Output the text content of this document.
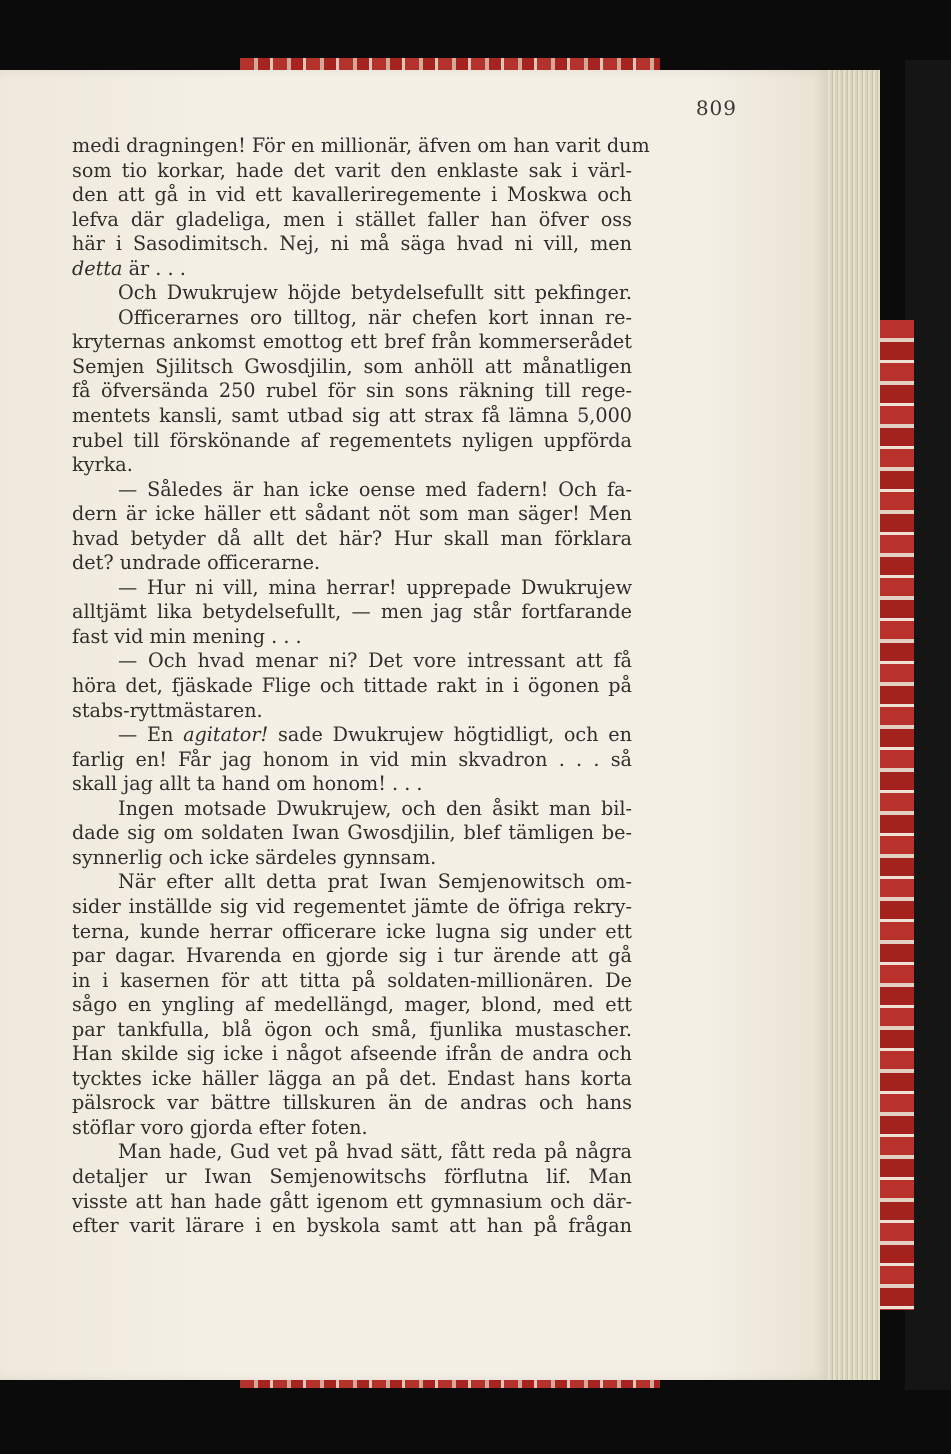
809
medi dragningen! För en millionär, äfven om han varit dum
som tio korkar, hade det varit den enklaste sak i värl-
den att gå in vid ett kavalleriregemente i Moskwa och
lefva där gladeliga, men i stället faller han öfver oss
här i Sasodimitsch. Nej, ni må säga hvad ni vill, men
detta är . . .
Och Dwukrujew höjde betydelsefullt sitt pekfinger.
Officerarnes oro tilltog, när chefen kort innan re-
kryternas ankomst emottog ett bref från kommerserådet
Semjen Sjilitsch Gwosdjilin, som anhöll att månatligen
få öfversända 250 rubel för sin sons räkning till rege-
mentets kansli, samt utbad sig att strax få lämna 5,000
rubel till förskönande af regementets nyligen uppförda
kyrka.
— Således är han icke oense med fadern! Och fa-
dern är icke häller ett sådant nöt som man säger! Men
hvad betyder då allt det här? Hur skall man förklara
det? undrade officerarne.
— Hur ni vill, mina herrar! upprepade Dwukrujew
alltjämt lika betydelsefullt, — men jag står fortfarande
fast vid min mening . . .
— Och hvad menar ni? Det vore intressant att få
höra det, fjäskade Flige och tittade rakt in i ögonen på
stabs-ryttmästaren.
— En agitator! sade Dwukrujew högtidligt, och en
farlig en! Får jag honom in vid min skvadron . . . så
skall jag allt ta hand om honom! . . .
Ingen motsade Dwukrujew, och den åsikt man bil-
dade sig om soldaten Iwan Gwosdjilin, blef tämligen be-
synnerlig och icke särdeles gynnsam.
När efter allt detta prat Iwan Semjenowitsch om-
sider inställde sig vid regementet jämte de öfriga rekry-
terna, kunde herrar officerare icke lugna sig under ett
par dagar. Hvarenda en gjorde sig i tur ärende att gå
in i kasernen för att titta på soldaten-millionären. De
sågo en yngling af medellängd, mager, blond, med ett
par tankfulla, blå ögon och små, fjunlika mustascher.
Han skilde sig icke i något afseende ifrån de andra och
tycktes icke häller lägga an på det. Endast hans korta
pälsrock var bättre tillskuren än de andras och hans
stöflar voro gjorda efter foten.
Man hade, Gud vet på hvad sätt, fått reda på några
detaljer ur Iwan Semjenowitschs förflutna lif. Man
visste att han hade gått igenom ett gymnasium och där-
efter varit lärare i en byskola samt att han på frågan
